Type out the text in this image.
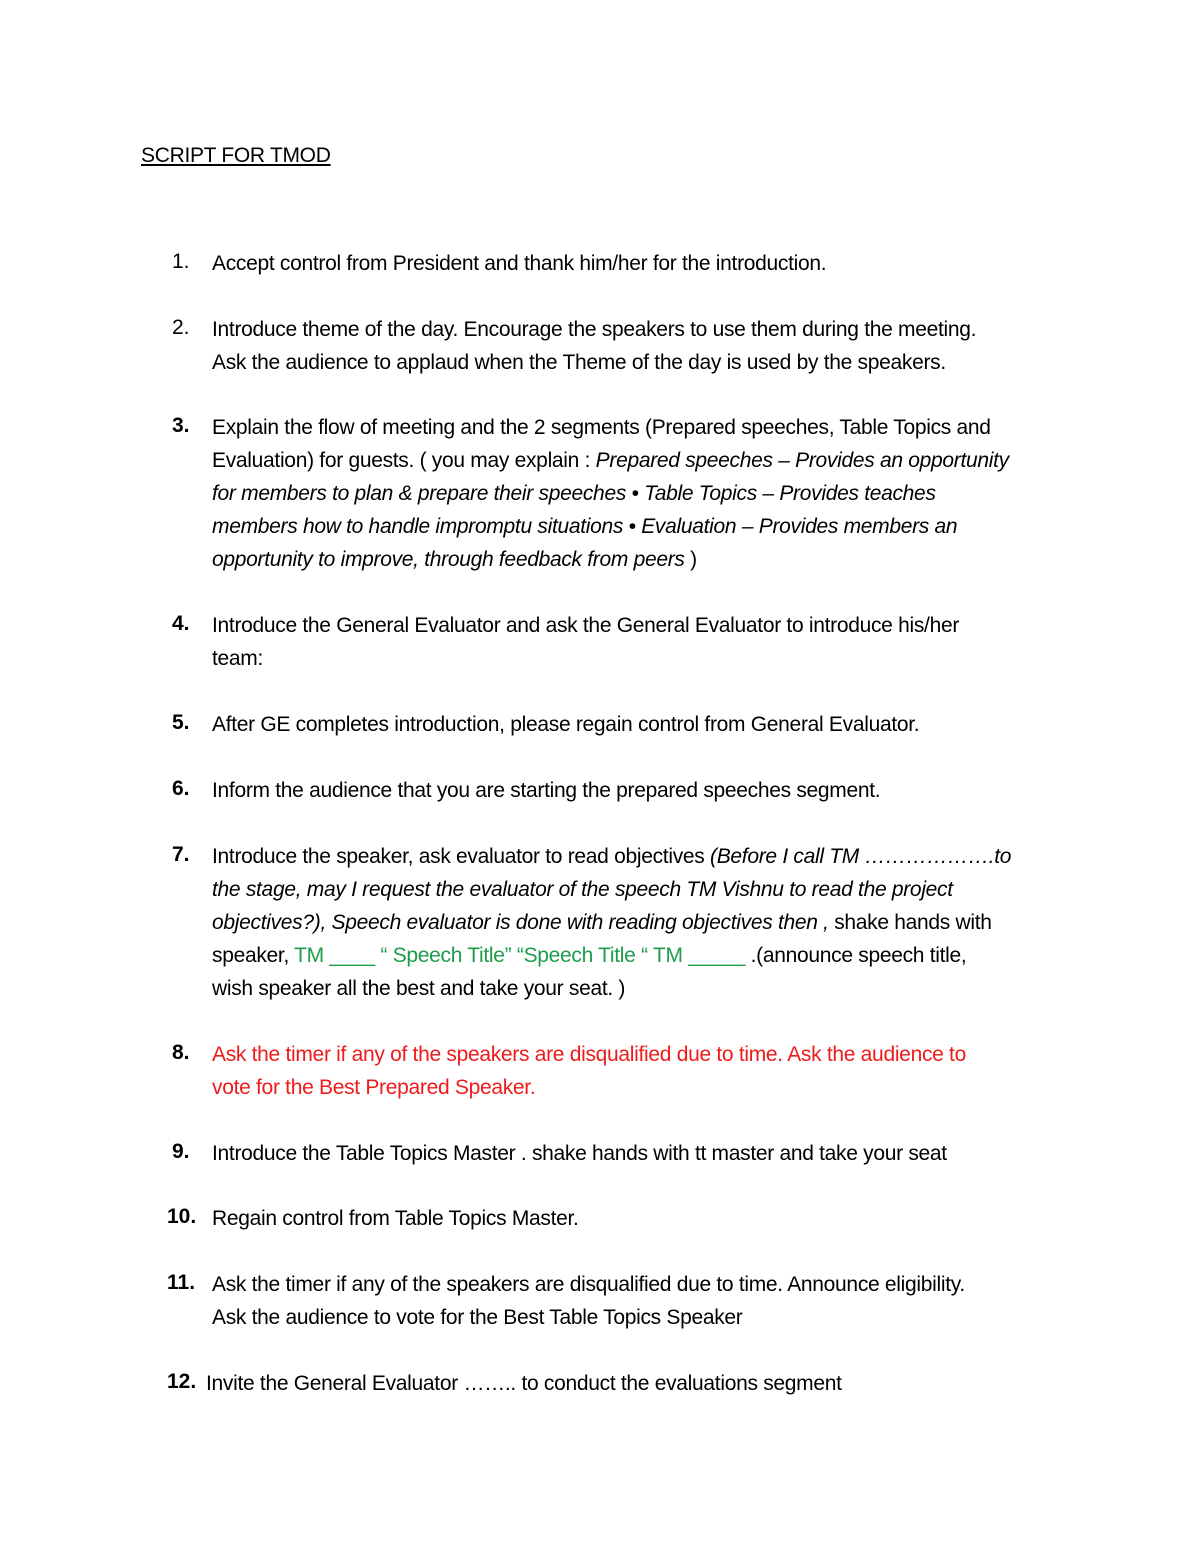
SCRIPT FOR TMOD
1.	Accept control from President and thank him/her for the introduction.

2.	Introduce theme of the day. Encourage the speakers to use them during the meeting.

Ask the audience to applaud when the Theme of the day is used by the speakers.

3.	Explain the flow of meeting and the 2 segments (Prepared speeches, Table Topics and

Evaluation) for guests. ( you may explain : Prepared speeches – Provides an opportunity

for members to plan & prepare their speeches • Table Topics – Provides teaches

members how to handle impromptu situations • Evaluation – Provides members an

opportunity to improve, through feedback from peers )

4.	Introduce the General Evaluator and ask the General Evaluator to introduce his/her

team:

5.	After GE completes introduction, please regain control from General Evaluator.

6.	Inform the audience that you are starting the prepared speeches segment.

7.	Introduce the speaker, ask evaluator to read objectives (Before I call TM ……………….to

the stage, may I request the evaluator of the speech TM Vishnu to read the project

objectives?), Speech evaluator is done with reading objectives then , shake hands with

speaker, TM ____ “ Speech Title” “Speech Title “ TM _____ .(announce speech title,

wish speaker all the best and take your seat. )

8.	Ask the timer if any of the speakers are disqualified due to time. Ask the audience to

vote for the Best Prepared Speaker.

9.	Introduce the Table Topics Master . shake hands with tt master and take your seat

10. Regain control from Table Topics Master.

11. Ask the timer if any of the speakers are disqualified due to time. Announce eligibility.

Ask the audience to vote for the Best Table Topics Speaker

12. Invite the General Evaluator …….. to conduct the evaluations segment
